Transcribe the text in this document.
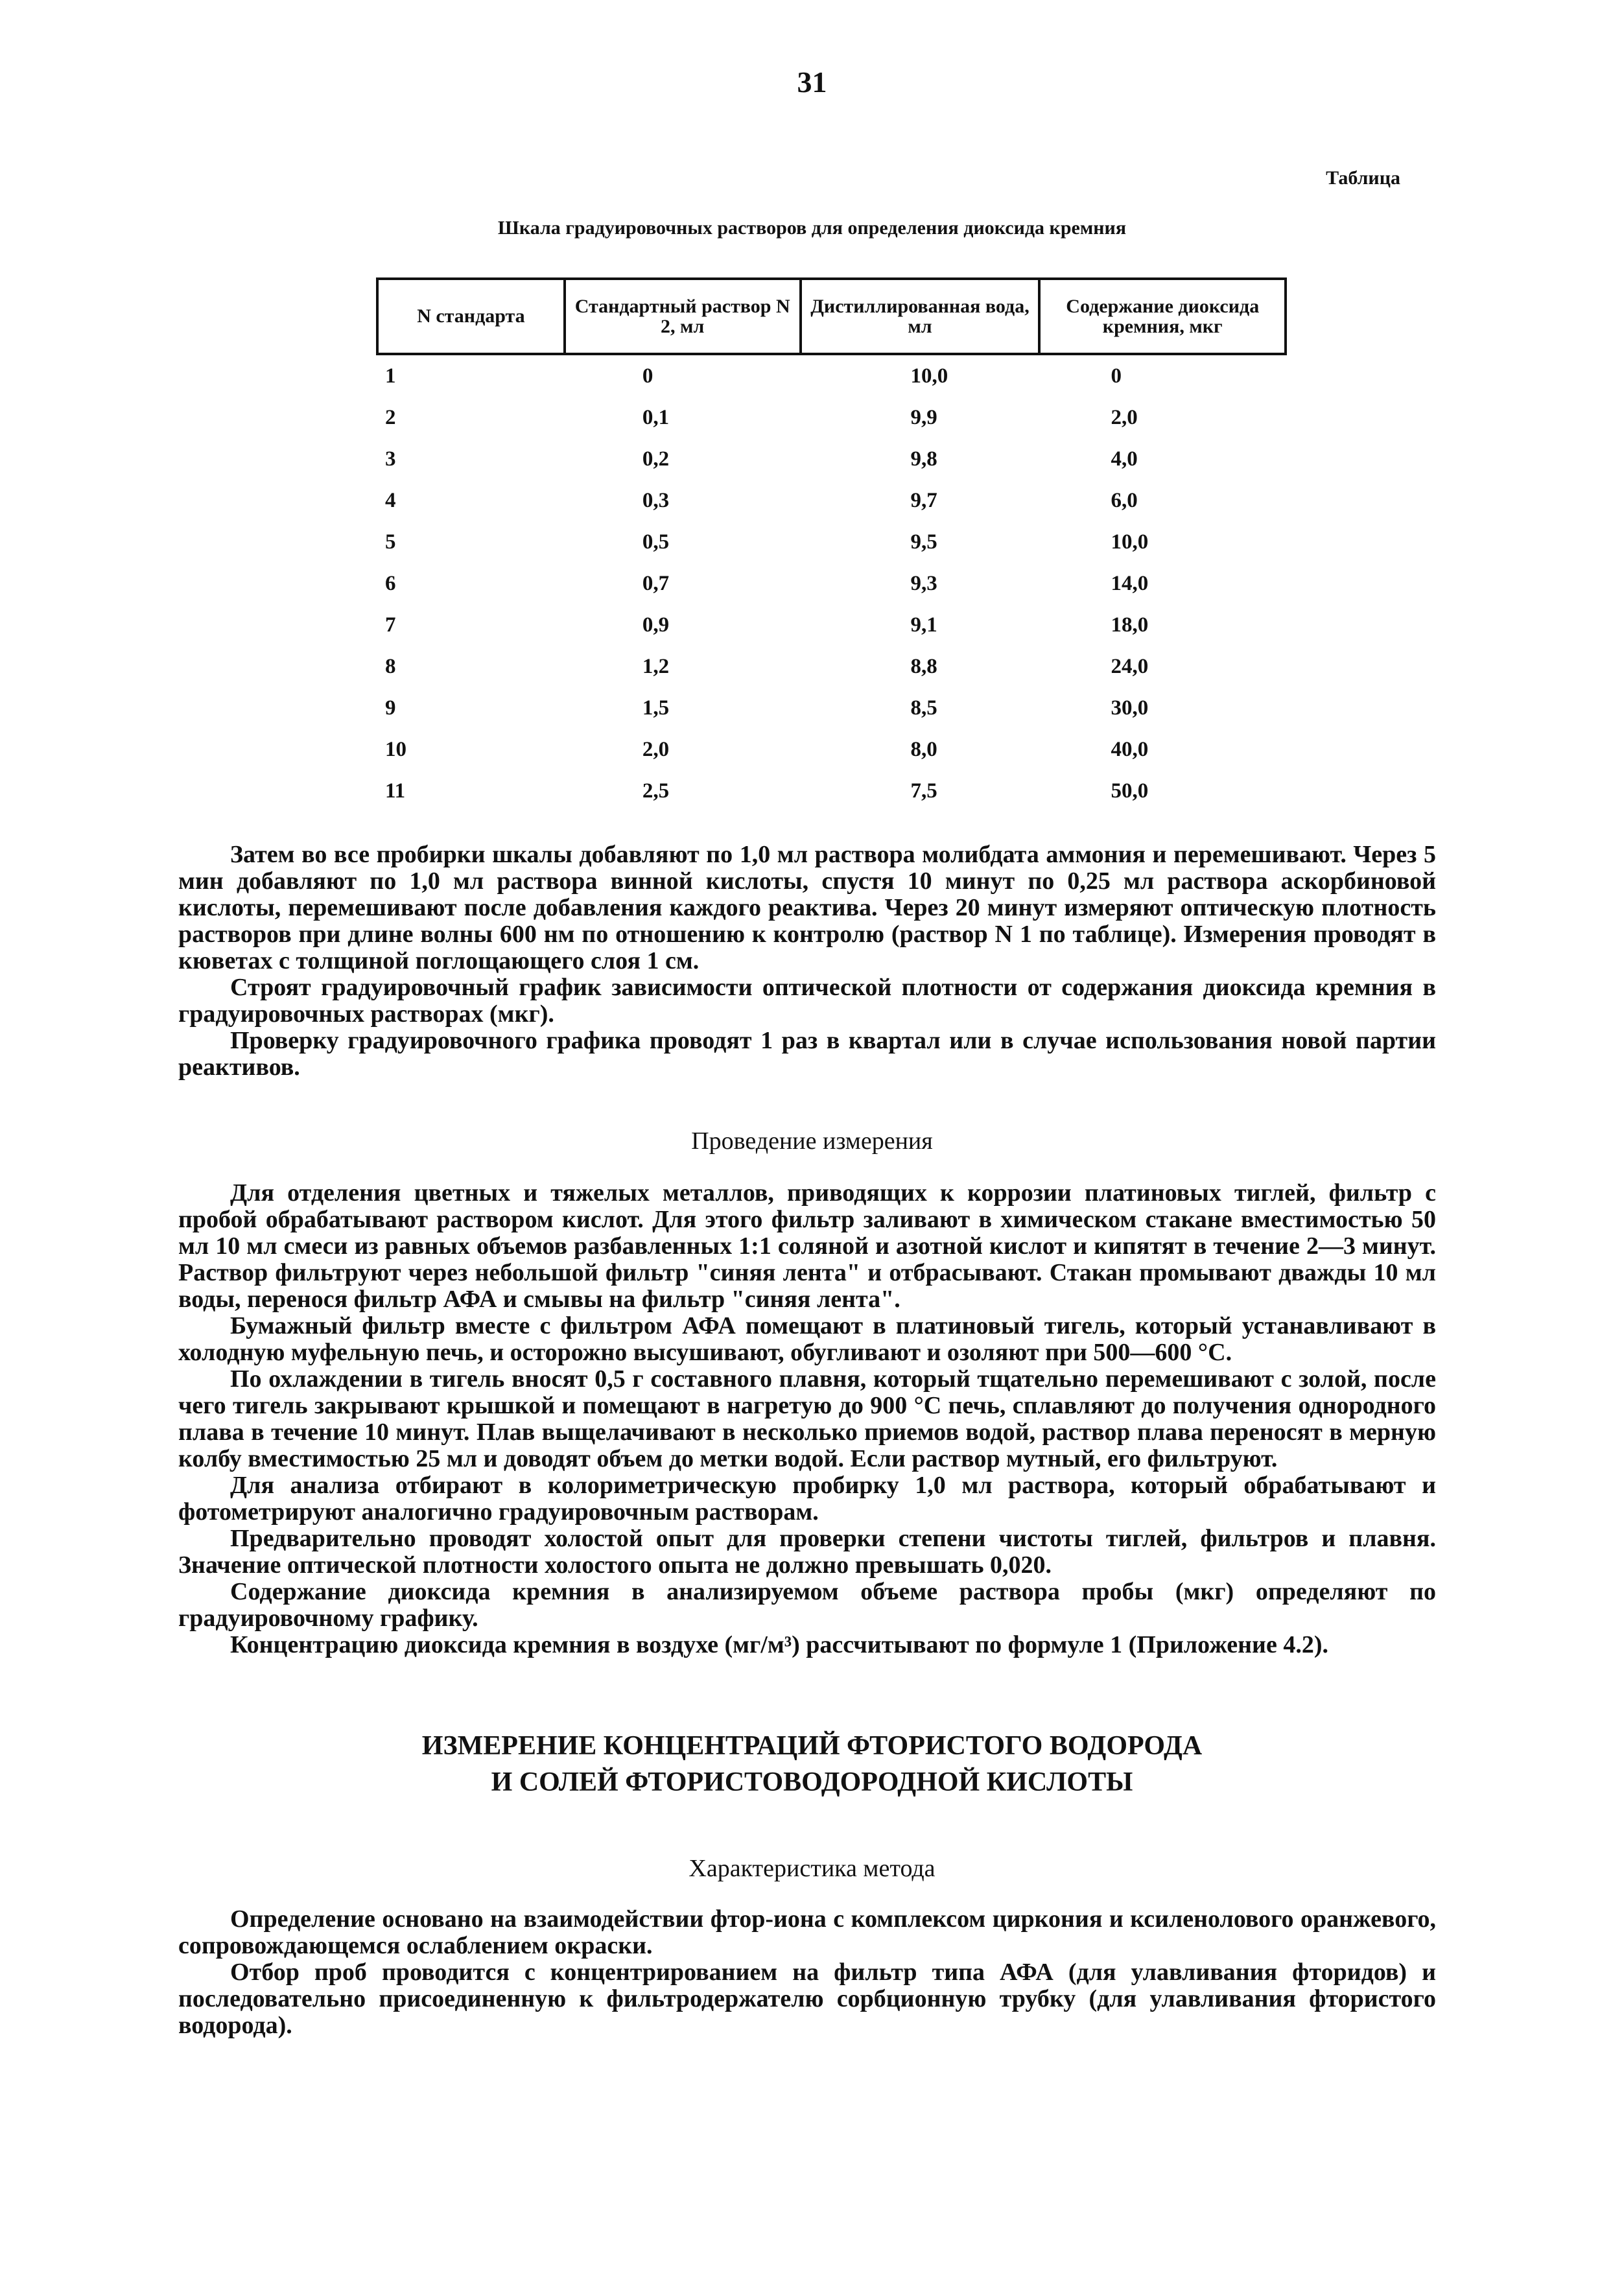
31
Таблица
Шкала градуировочных растворов для определения диоксида кремния
N стандарта	Стандартный раствор N 2, мл	Дистиллированная вода, мл	Содержание диоксида кремния, мкг
1	0	10,0	0
2	0,1	9,9	2,0
3	0,2	9,8	4,0
4	0,3	9,7	6,0
5	0,5	9,5	10,0
6	0,7	9,3	14,0
7	0,9	9,1	18,0
8	1,2	8,8	24,0
9	1,5	8,5	30,0
10	2,0	8,0	40,0
11	2,5	7,5	50,0

Затем во все пробирки шкалы добавляют по 1,0 мл раствора молибдата аммония и перемешивают. Через 5 мин добавляют по 1,0 мл раствора винной кислоты, спустя 10 минут по 0,25 мл раствора аскорбиновой кислоты, перемешивают после добавления каждого реактива. Через 20 минут измеряют оптическую плотность растворов при длине волны 600 нм по отношению к контролю (раствор N 1 по таблице). Измерения проводят в кюветах с толщиной поглощающего слоя 1 см.

Строят градуировочный график зависимости оптической плотности от содержания диоксида кремния в градуировочных растворах (мкг).

Проверку градуировочного графика проводят 1 раз в квартал или в случае использования новой партии реактивов.

Проведение измерения

Для отделения цветных и тяжелых металлов, приводящих к коррозии платиновых тиглей, фильтр с пробой обрабатывают раствором кислот. Для этого фильтр заливают в химическом стакане вместимостью 50 мл 10 мл смеси из равных объемов разбавленных 1:1 соляной и азотной кислот и кипятят в течение 2—3 минут. Раствор фильтруют через небольшой фильтр "синяя лента" и отбрасывают. Стакан промывают дважды 10 мл воды, перенося фильтр АФА и смывы на фильтр "синяя лента".

Бумажный фильтр вместе с фильтром АФА помещают в платиновый тигель, который устанавливают в холодную муфельную печь, и осторожно высушивают, обугливают и озоляют при 500—600 °С.

По охлаждении в тигель вносят 0,5 г составного плавня, который тщательно перемешивают с золой, после чего тигель закрывают крышкой и помещают в нагретую до 900 °С печь, сплавляют до получения однородного плава в течение 10 минут. Плав выщелачивают в несколько приемов водой, раствор плава переносят в мерную колбу вместимостью 25 мл и доводят объем до метки водой. Если раствор мутный, его фильтруют.

Для анализа отбирают в колориметрическую пробирку 1,0 мл раствора, который обрабатывают и фотометрируют аналогично градуировочным растворам.

Предварительно проводят холостой опыт для проверки степени чистоты тиглей, фильтров и плавня. Значение оптической плотности холостого опыта не должно превышать 0,020.

Содержание диоксида кремния в анализируемом объеме раствора пробы (мкг) определяют по градуировочному графику.

Концентрацию диоксида кремния в воздухе (мг/м³) рассчитывают по формуле 1 (Приложение 4.2).

ИЗМЕРЕНИЕ КОНЦЕНТРАЦИЙ ФТОРИСТОГО ВОДОРОДА
И СОЛЕЙ ФТОРИСТОВОДОРОДНОЙ КИСЛОТЫ
Характеристика метода

Определение основано на взаимодействии фтор-иона с комплексом циркония и ксиленолового оранжевого, сопровождающемся ослаблением окраски.

Отбор проб проводится с концентрированием на фильтр типа АФА (для улавливания фторидов) и последовательно присоединенную к фильтродержателю сорбционную трубку (для улавливания фтористого водорода).
